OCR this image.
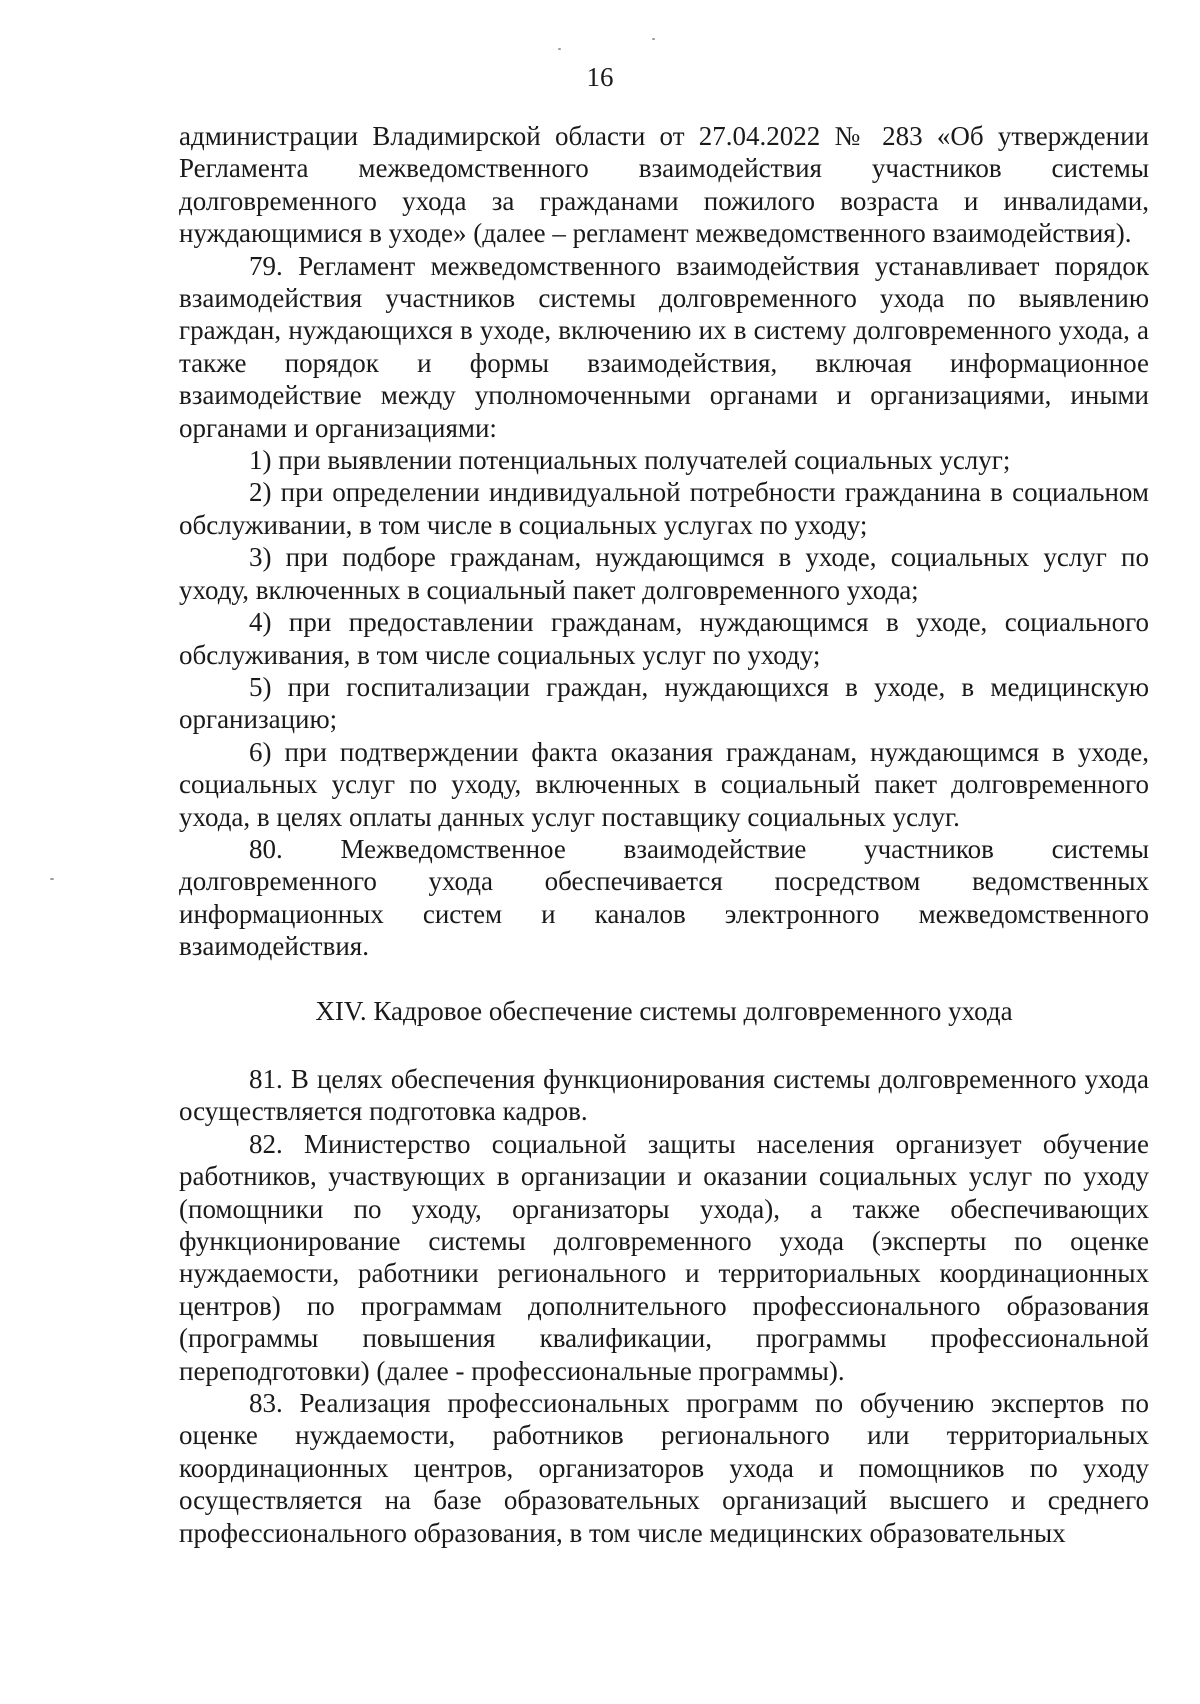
16

администрации Владимирской области от 27.04.2022 № 283 «Об утверждении Регламента межведомственного взаимодействия участников системы долговременного ухода за гражданами пожилого возраста и инвалидами, нуждающимися в уходе» (далее – регламент межведомственного взаимодействия).

79. Регламент межведомственного взаимодействия устанавливает порядок взаимодействия участников системы долговременного ухода по выявлению граждан, нуждающихся в уходе, включению их в систему долговременного ухода, а также порядок и формы взаимодействия, включая информационное взаимодействие между уполномоченными органами и организациями, иными органами и организациями:

1) при выявлении потенциальных получателей социальных услуг;

2) при определении индивидуальной потребности гражданина в социальном обслуживании, в том числе в социальных услугах по уходу;

3) при подборе гражданам, нуждающимся в уходе, социальных услуг по уходу, включенных в социальный пакет долговременного ухода;

4) при предоставлении гражданам, нуждающимся в уходе, социального обслуживания, в том числе социальных услуг по уходу;

5) при госпитализации граждан, нуждающихся в уходе, в медицинскую организацию;

6) при подтверждении факта оказания гражданам, нуждающимся в уходе, социальных услуг по уходу, включенных в социальный пакет долговременного ухода, в целях оплаты данных услуг поставщику социальных услуг.

80. Межведомственное взаимодействие участников системы долговременного ухода обеспечивается посредством ведомственных информационных систем и каналов электронного межведомственного взаимодействия.

XIV. Кадровое обеспечение системы долговременного ухода

81. В целях обеспечения функционирования системы долговременного ухода осуществляется подготовка кадров.

82. Министерство социальной защиты населения организует обучение работников, участвующих в организации и оказании социальных услуг по уходу (помощники по уходу, организаторы ухода), а также обеспечивающих функционирование системы долговременного ухода (эксперты по оценке нуждаемости, работники регионального и территориальных координационных центров) по программам дополнительного профессионального образования (программы повышения квалификации, программы профессиональной переподготовки) (далее - профессиональные программы).

83. Реализация профессиональных программ по обучению экспертов по оценке нуждаемости, работников регионального или территориальных координационных центров, организаторов ухода и помощников по уходу осуществляется на базе образовательных организаций высшего и среднего профессионального образования, в том числе медицинских образовательных
